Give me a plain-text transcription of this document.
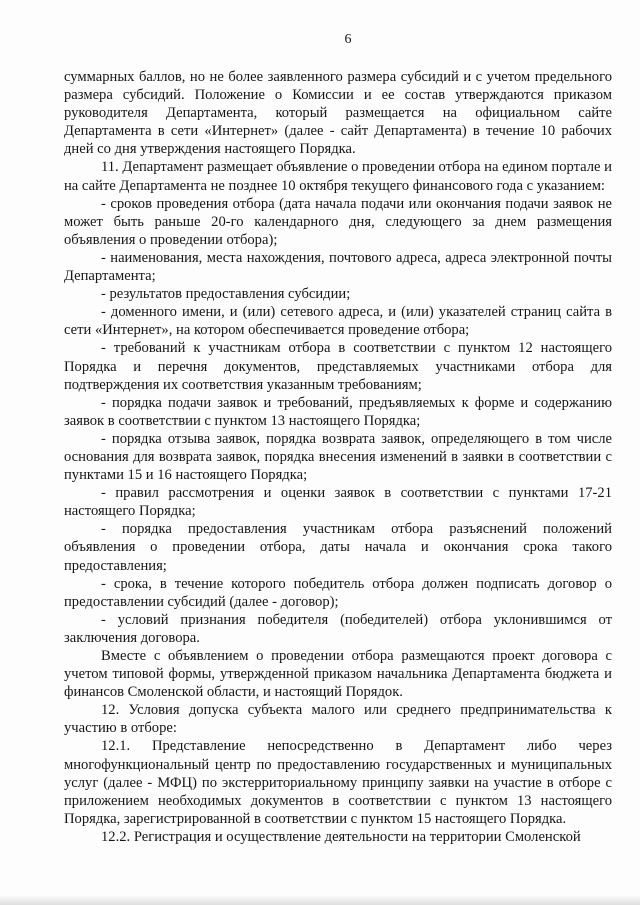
6

суммарных баллов, но не более заявленного размера субсидий и с учетом предельного размера субсидий. Положение о Комиссии и ее состав утверждаются приказом руководителя Департамента, который размещается на официальном сайте Департамента в сети «Интернет» (далее - сайт Департамента) в течение 10 рабочих дней со дня утверждения настоящего Порядка.

11. Департамент размещает объявление о проведении отбора на едином портале и на сайте Департамента не позднее 10 октября текущего финансового года с указанием:

- сроков проведения отбора (дата начала подачи или окончания подачи заявок не может быть раньше 20-го календарного дня, следующего за днем размещения объявления о проведении отбора);

- наименования, места нахождения, почтового адреса, адреса электронной почты Департамента;

- результатов предоставления субсидии;

- доменного имени, и (или) сетевого адреса, и (или) указателей страниц сайта в сети «Интернет», на котором обеспечивается проведение отбора;

- требований к участникам отбора в соответствии с пунктом 12 настоящего Порядка и перечня документов, представляемых участниками отбора для подтверждения их соответствия указанным требованиям;

- порядка подачи заявок и требований, предъявляемых к форме и содержанию заявок в соответствии с пунктом 13 настоящего Порядка;

- порядка отзыва заявок, порядка возврата заявок, определяющего в том числе основания для возврата заявок, порядка внесения изменений в заявки в соответствии с пунктами 15 и 16 настоящего Порядка;

- правил рассмотрения и оценки заявок в соответствии с пунктами 17-21 настоящего Порядка;

- порядка предоставления участникам отбора разъяснений положений объявления о проведении отбора, даты начала и окончания срока такого предоставления;

- срока, в течение которого победитель отбора должен подписать договор о предоставлении субсидий (далее - договор);

- условий признания победителя (победителей) отбора уклонившимся от заключения договора.

Вместе с объявлением о проведении отбора размещаются проект договора с учетом типовой формы, утвержденной приказом начальника Департамента бюджета и финансов Смоленской области, и настоящий Порядок.

12. Условия допуска субъекта малого или среднего предпринимательства к участию в отборе:

12.1. Представление непосредственно в Департамент либо через многофункциональный центр по предоставлению государственных и муниципальных услуг (далее - МФЦ) по экстерриториальному принципу заявки на участие в отборе с приложением необходимых документов в соответствии с пунктом 13 настоящего Порядка, зарегистрированной в соответствии с пунктом 15 настоящего Порядка.

12.2. Регистрация и осуществление деятельности на территории Смоленской
